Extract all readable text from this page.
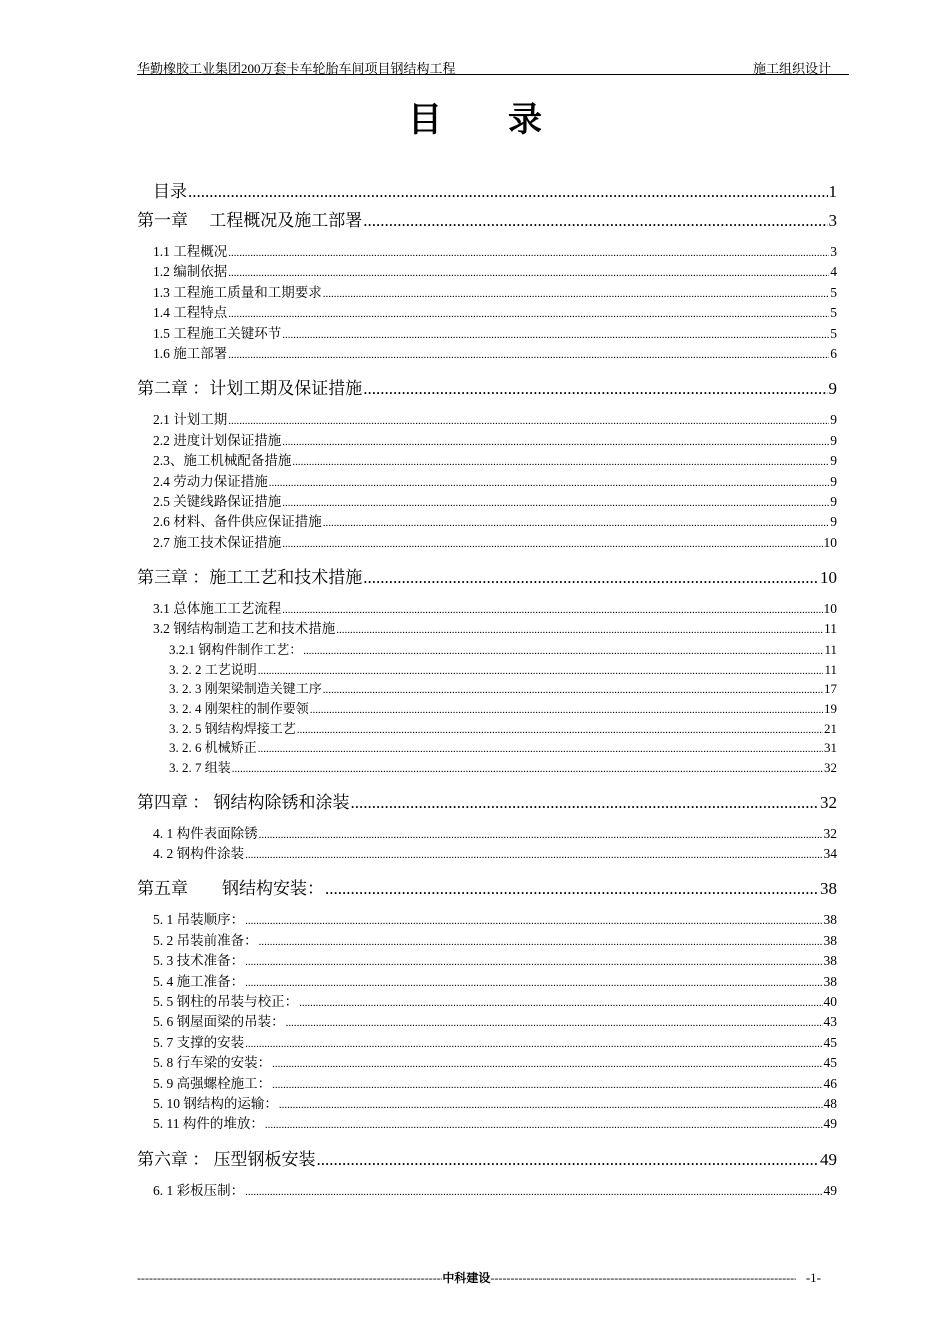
华勤橡胶工业集团200万套卡车轮胎车间项目钢结构工程	施工组织设计
目 录
目录 .....	1
第一章　 工程概况及施工部署 .....	3
1.1 工程概况 .....	3
1.2 编制依据 .....	4
1.3 工程施工质量和工期要求 .....	5
1.4 工程特点 .....	5
1.5 工程施工关键环节 .....	5
1.6 施工部署 .....	6
第二章 ：计划工期及保证措施 .....	9
2.1 计划工期 .....	9
2.2 进度计划保证措施 .....	9
2.3、施工机械配备措施 .....	9
2.4 劳动力保证措施 .....	9
2.5 关键线路保证措施 .....	9
2.6 材料、备件供应保证措施 .....	9
2.7 施工技术保证措施 .....	10
第三章 ：施工工艺和技术措施 .....	10
3.1 总体施工工艺流程 .....	10
3.2 钢结构制造工艺和技术措施 .....	11
3.2.1 钢构件制作工艺： .....	11
3. 2. 2 工艺说明 .....	11
3. 2. 3 刚架梁制造关键工序 .....	17
3. 2. 4 刚架柱的制作要领 .....	19
3. 2. 5 钢结构焊接工艺 .....	21
3. 2. 6 机械矫正 .....	31
3. 2. 7 组装 .....	32
第四章 ： 钢结构除锈和涂装 .....	32
4. 1 构件表面除锈 .....	32
4. 2 钢构件涂装 .....	34
第五章　　钢结构安装： .....	38
5. 1 吊装顺序： .....	38
5. 2 吊装前准备： .....	38
5. 3 技术准备： .....	38
5. 4 施工准备： .....	38
5. 5 钢柱的吊装与校正： .....	40
5. 6 钢屋面梁的吊装： .....	43
5. 7 支撑的安装 .....	45
5. 8 行车梁的安装： .....	45
5. 9 高强螺栓施工： .....	46
5. 10 钢结构的运输： .....	48
5. 11 构件的堆放： .....	49
第六章 ： 压型钢板安装 .....	49
6. 1 彩板压制： .....	49
-----
中科建设 -----	-1-
